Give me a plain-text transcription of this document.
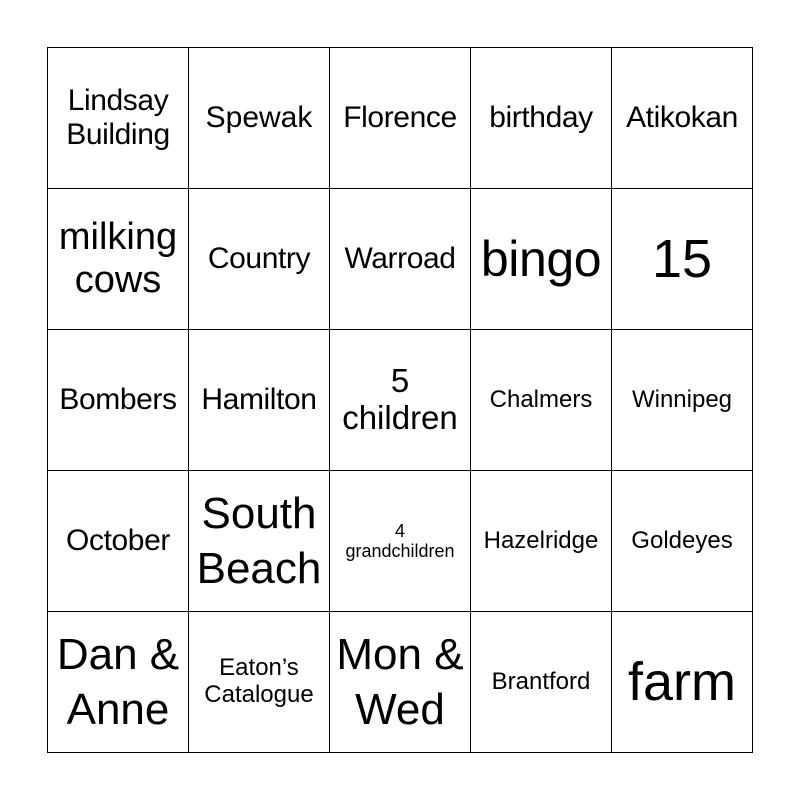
Lindsay
Building
Spewak Florence birthday Atikokan
milking
cows
Country Warroad bingo 15
Bombers Hamilton
5
children Chalmers Winnipeg
October
South
Beach
4
grandchildren Hazelridge Goldeyes
Dan &
Anne
Eaton’s
Catalogue
Mon &
Wed
Brantford farm
